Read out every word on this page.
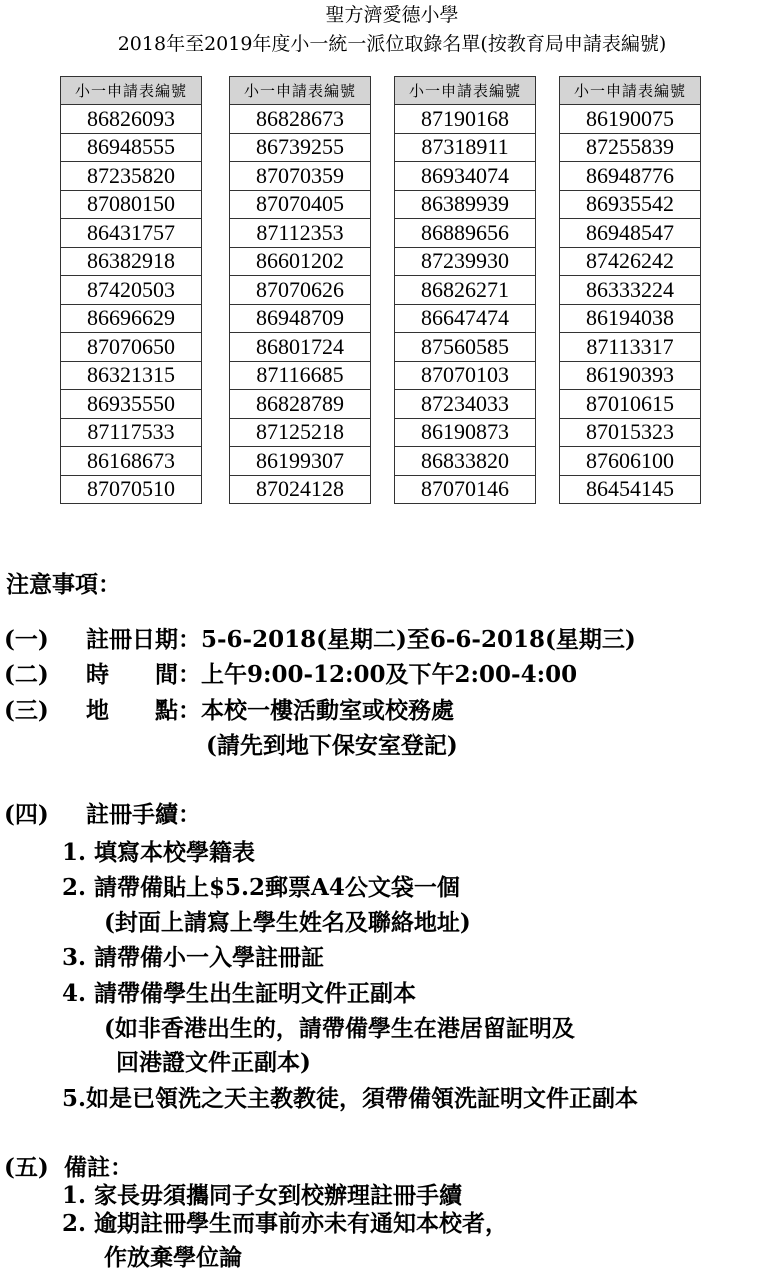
聖方濟愛德小學
2018年至2019年度小一統一派位取錄名單(按教育局申請表編號)
小一申請表編號
86826093
86948555
87235820
87080150
86431757
86382918
87420503
86696629
87070650
86321315
86935550
87117533
86168673
87070510
小一申請表編號
86828673
86739255
87070359
87070405
87112353
86601202
87070626
86948709
86801724
87116685
86828789
87125218
86199307
87024128
小一申請表編號
87190168
87318911
86934074
86389939
86889656
87239930
86826271
86647474
87560585
87070103
87234033
86190873
86833820
87070146
小一申請表編號
86190075
87255839
86948776
86935542
86948547
87426242
86333224
86194038
87113317
86190393
87010615
87015323
87606100
86454145
注意事項：
(一) 註冊日期：5-6-2018(星期二)至6-6-2018(星期三)
(二) 時 間：上午9:00-12:00及下午2:00-4:00
(三) 地 點：本校一樓活動室或校務處
(請先到地下保安室登記)
(四) 註冊手續：
1. 填寫本校學籍表
2. 請帶備貼上$5.2郵票A4公文袋一個
(封面上請寫上學生姓名及聯絡地址)
3. 請帶備小一入學註冊証
4. 請帶備學生出生証明文件正副本
(如非香港出生的，請帶備學生在港居留証明及
回港證文件正副本)
5.如是已領洗之天主教教徒，須帶備領洗証明文件正副本
(五) 備註：
1. 家長毋須攜同子女到校辦理註冊手續
2. 逾期註冊學生而事前亦未有通知本校者，
作放棄學位論
